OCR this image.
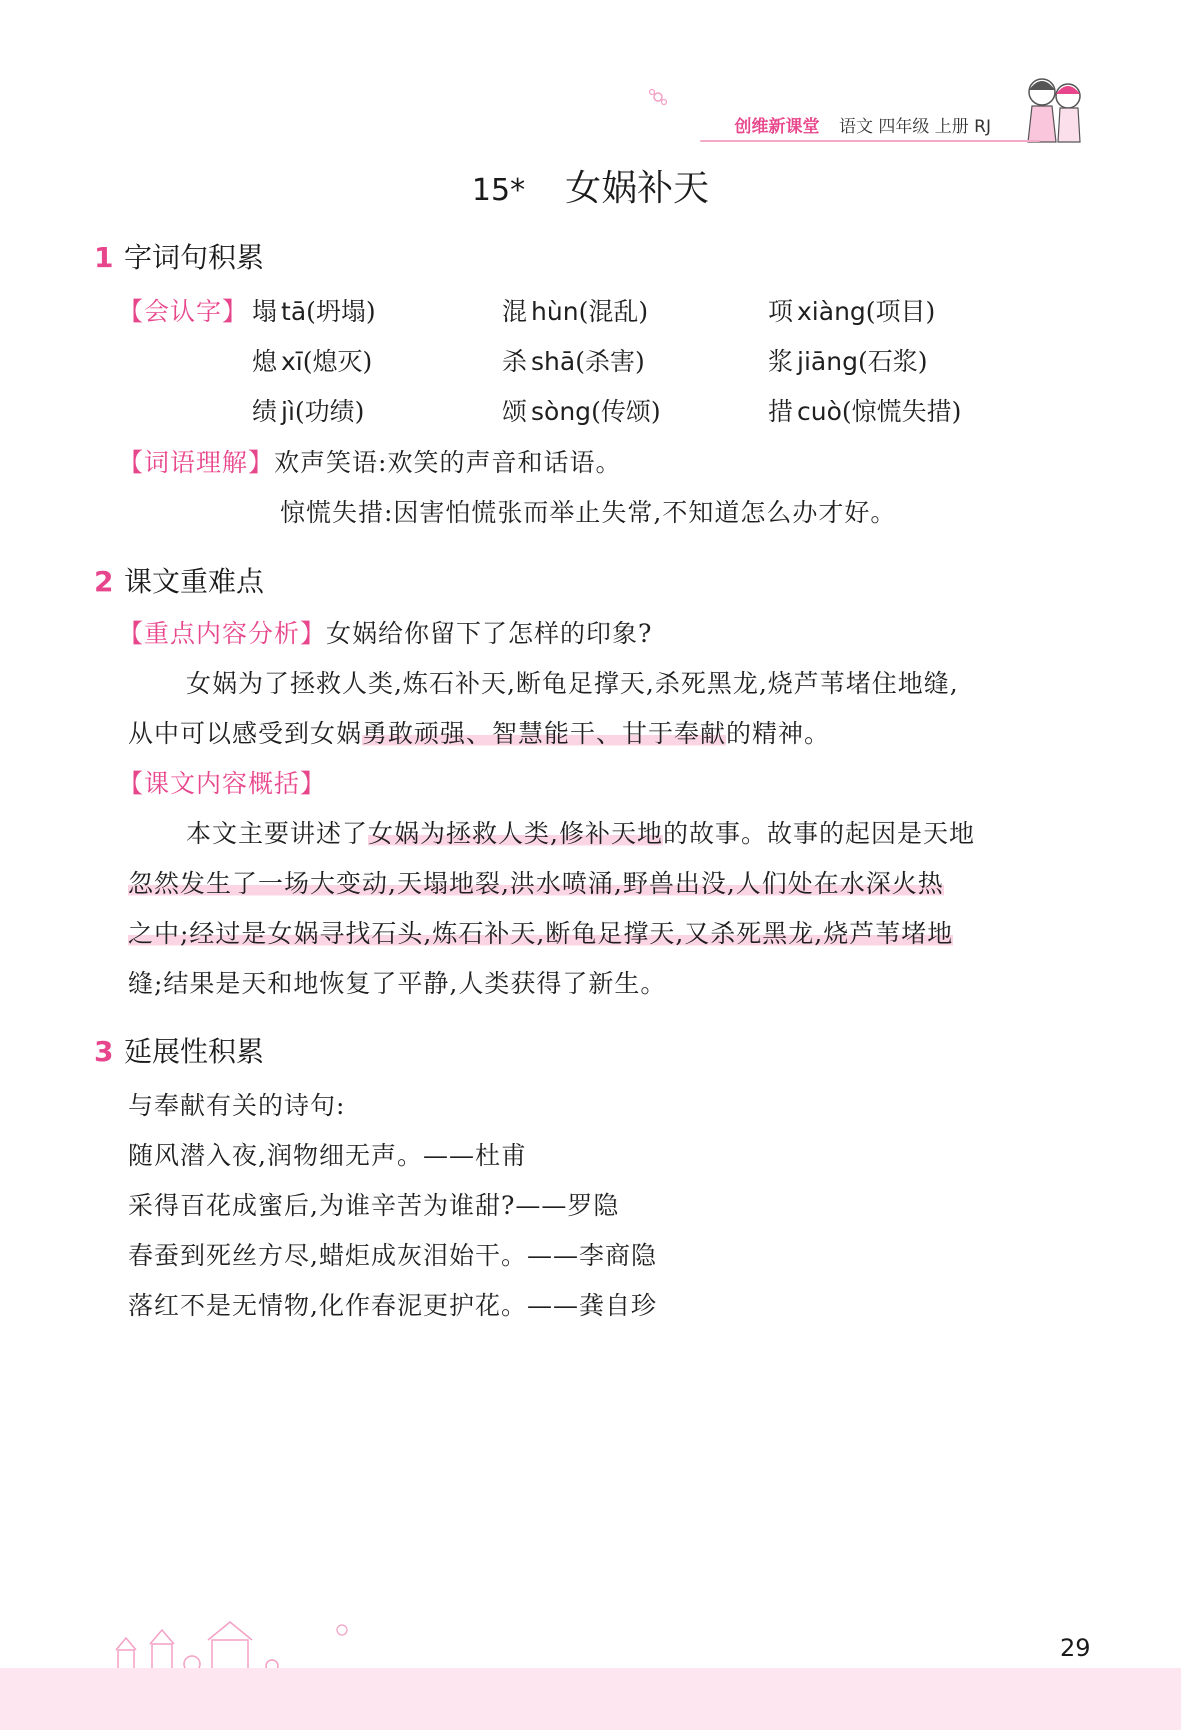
创维新课堂 语文 四年级 上册 RJ
15* 女娲补天
1 字词句积累
【会认字】 塌 tā(坍塌)	混 hùn(混乱)	项 xiàng(项目)
熄 xī(熄灭)	杀 shā(杀害)	浆 jiāng(石浆)
绩 jì(功绩)	颂 sòng(传颂)	措 cuò(惊慌失措)
【词语理解】欢声笑语:欢笑的声音和话语。
惊慌失措:因害怕慌张而举止失常,不知道怎么办才好。
2 课文重难点
【重点内容分析】女娲给你留下了怎样的印象?
女娲为了拯救人类,炼石补天,断龟足撑天,杀死黑龙,烧芦苇堵住地缝,
从中可以感受到女娲勇敢顽强、智慧能干、甘于奉献的精神。
【课文内容概括】
本文主要讲述了女娲为拯救人类,修补天地的故事。故事的起因是天地
忽然发生了一场大变动,天塌地裂,洪水喷涌,野兽出没,人们处在水深火热
之中;经过是女娲寻找石头,炼石补天,断龟足撑天,又杀死黑龙,烧芦苇堵地
缝;结果是天和地恢复了平静,人类获得了新生。
3 延展性积累
与奉献有关的诗句:
随风潜入夜,润物细无声。——杜甫
采得百花成蜜后,为谁辛苦为谁甜?——罗隐
春蚕到死丝方尽,蜡炬成灰泪始干。——李商隐
落红不是无情物,化作春泥更护花。——龚自珍
29
